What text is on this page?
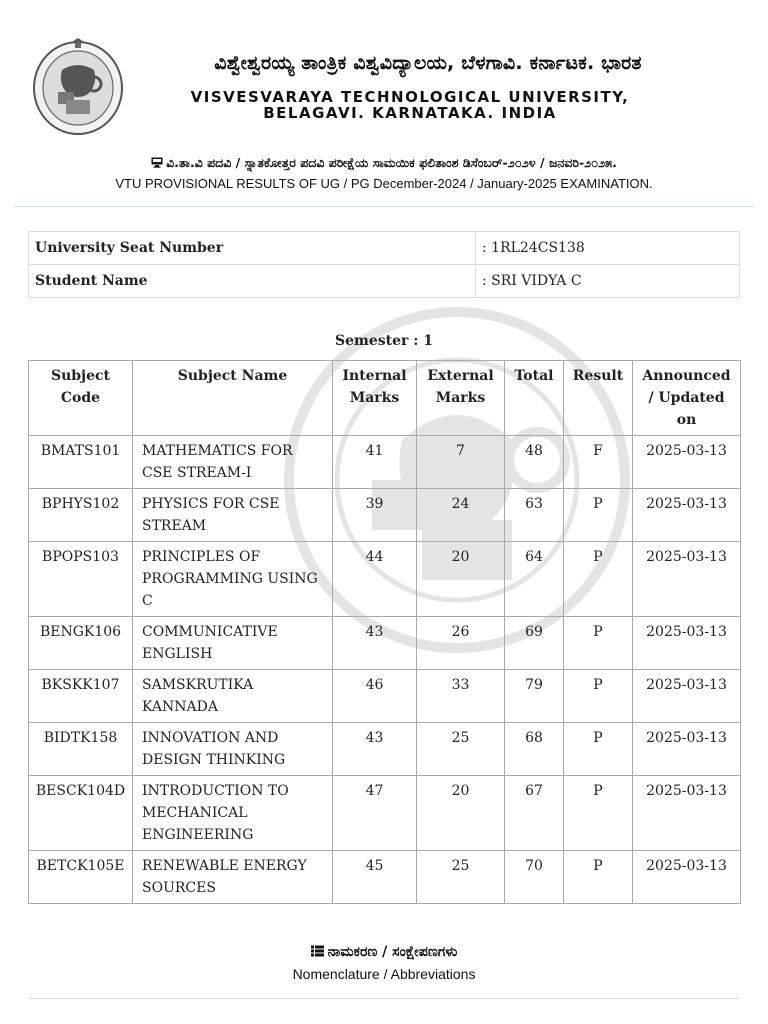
ವಿಶ್ವೇಶ್ವರಯ್ಯ ತಾಂತ್ರಿಕ ವಿಶ್ವವಿದ್ಯಾಲಯ, ಬೆಳಗಾವಿ. ಕರ್ನಾಟಕ. ಭಾರತ
VISVESVARAYA TECHNOLOGICAL UNIVERSITY,
BELAGAVI. KARNATAKA. INDIA
ವಿ.ತಾ.ವಿ ಪದವಿ / ಸ್ನಾತಕೋತ್ತರ ಪದವಿ ಪರೀಕ್ಷೆಯ ಸಾಮಯಿಕ ಫಲಿತಾಂಶ ಡಿಸೆಂಬರ್-೨೦೨೪ / ಜನವರಿ-೨೦೨೫.
VTU PROVISIONAL RESULTS OF UG / PG December-2024 / January-2025 EXAMINATION.
University Seat Number	: 1RL24CS138
Student Name	: SRI VIDYA C
Semester : 1
Subject Code	Subject Name	Internal Marks	External Marks	Total	Result	Announced / Updated on
BMATS101	MATHEMATICS FOR CSE STREAM-I	41	7	48	F	2025-03-13
BPHYS102	PHYSICS FOR CSE STREAM	39	24	63	P	2025-03-13
BPOPS103	PRINCIPLES OF PROGRAMMING USING C	44	20	64	P	2025-03-13
BENGK106	COMMUNICATIVE ENGLISH	43	26	69	P	2025-03-13
BKSKK107	SAMSKRUTIKA KANNADA	46	33	79	P	2025-03-13
BIDTK158	INNOVATION AND DESIGN THINKING	43	25	68	P	2025-03-13
BESCK104D	INTRODUCTION TO MECHANICAL ENGINEERING	47	20	67	P	2025-03-13
BETCK105E	RENEWABLE ENERGY SOURCES	45	25	70	P	2025-03-13
ನಾಮಕರಣ / ಸಂಕ್ಷೇಪಣಗಳು
Nomenclature / Abbreviations
